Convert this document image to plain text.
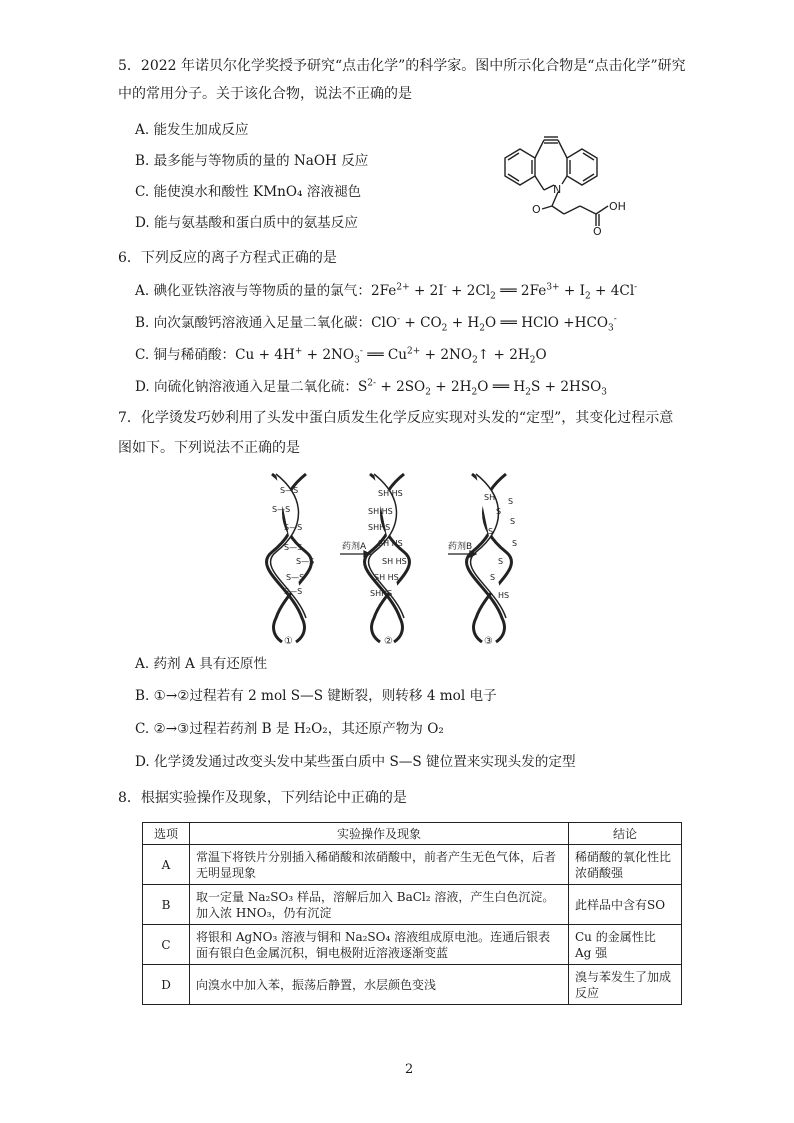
5．2022 年诺贝尔化学奖授予研究“点击化学”的科学家。图中所示化合物是“点击化学”研究
中的常用分子。关于该化合物，说法不正确的是
A. 能发生加成反应
B. 最多能与等物质的量的 NaOH 反应
C. 能使溴水和酸性 KMnO₄ 溶液褪色
D. 能与氨基酸和蛋白质中的氨基反应
N
O	OH
O
6．下列反应的离子方程式正确的是
A. 碘化亚铁溶液与等物质的量的氯气：$2Fe^{2+} + 2I^- + 2Cl_2$ ══ $2Fe^{3+} + I_2 + 4Cl^-$
B. 向次氯酸钙溶液通入足量二氧化碳：$ClO^- + CO_2 + H_2O$ ══ HClO $+HCO_3^-$
C. 铜与稀硝酸：$Cu + 4H^+ + 2NO_3^-$ ══ $Cu^{2+}$ + $2NO_2↑ + 2H_2O$
D. 向硫化钠溶液通入足量二氧化硫：$S^{2-} + 2SO_2 + 2H_2O$ ══ $H_2S + 2HSO_3$
7．化学烫发巧妙利用了头发中蛋白质发生化学反应实现对头发的“定型”，其变化过程示意
图如下。下列说法不正确的是
S—S
S—S
S—S
S—S
S—S
S—S
S—S
SH HS
SH HS
SHHS
SH HS
SH HS
SH HS
SHHS
SH S
S
S
S
S
S
S
HS
药剂A	药剂B
①	②	③
A. 药剂 A 具有还原性
B. ①→②过程若有 2 mol S—S 键断裂，则转移 4 mol 电子
C. ②→③过程若药剂 B 是 H₂O₂，其还原产物为 O₂
D. 化学烫发通过改变头发中某些蛋白质中 S—S 键位置来实现头发的定型
8．根据实验操作及现象，下列结论中正确的是
选项	实验操作及现象	结论
A	常温下将铁片分别插入稀硝酸和浓硝酸中，前者产生无色气体，后者无明显现象	稀硝酸的氧化性比浓硝酸强
B	取一定量 Na₂SO₃ 样品，溶解后加入 BaCl₂ 溶液，产生白色沉淀。加入浓 HNO₃，仍有沉淀	此样品中含有SO
C	将银和 AgNO₃ 溶液与铜和 Na₂SO₄ 溶液组成原电池。连通后银表面有银白色金属沉积，铜电极附近溶液逐渐变蓝	Cu 的金属性比 Ag 强
D	向溴水中加入苯，振荡后静置，水层颜色变浅	溴与苯发生了加成反应
2
